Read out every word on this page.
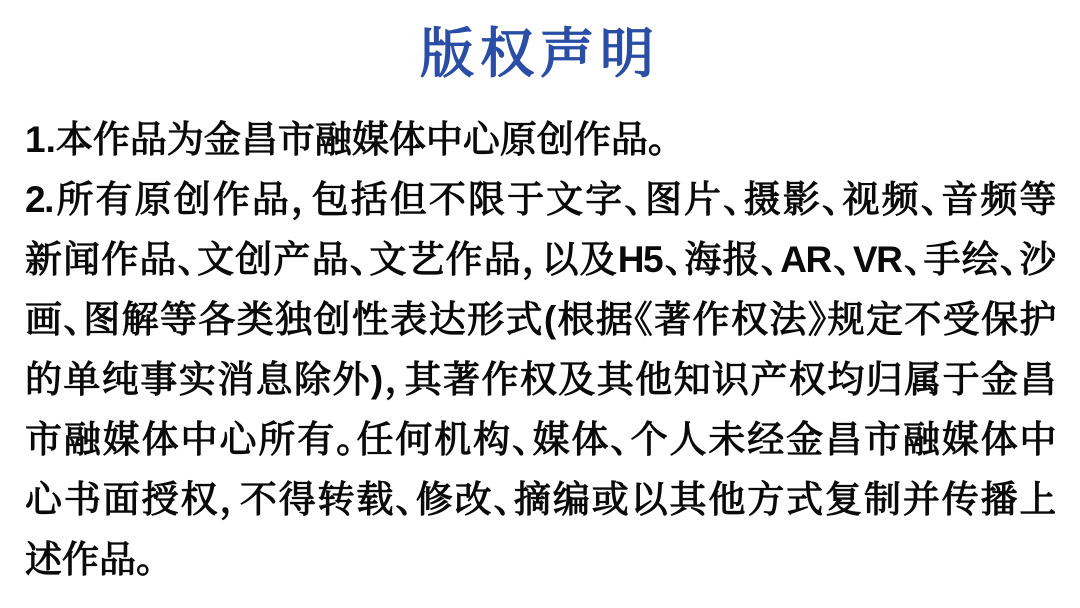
版权声明
1.本作品为金昌市融媒体中心原创作品。
2.所有原创作品，包括但不限于文字、图片、摄影、视频、音频等
新闻作品、文创产品、文艺作品，以及H5、海报、AR、VR、手绘、沙
画、图解等各类独创性表达形式(根据《著作权法》规定不受保护
的单纯事实消息除外)，其著作权及其他知识产权均归属于金昌
市融媒体中心所有。任何机构、媒体、个人未经金昌市融媒体中
心书面授权，不得转载、修改、摘编或以其他方式复制并传播上
述作品。
